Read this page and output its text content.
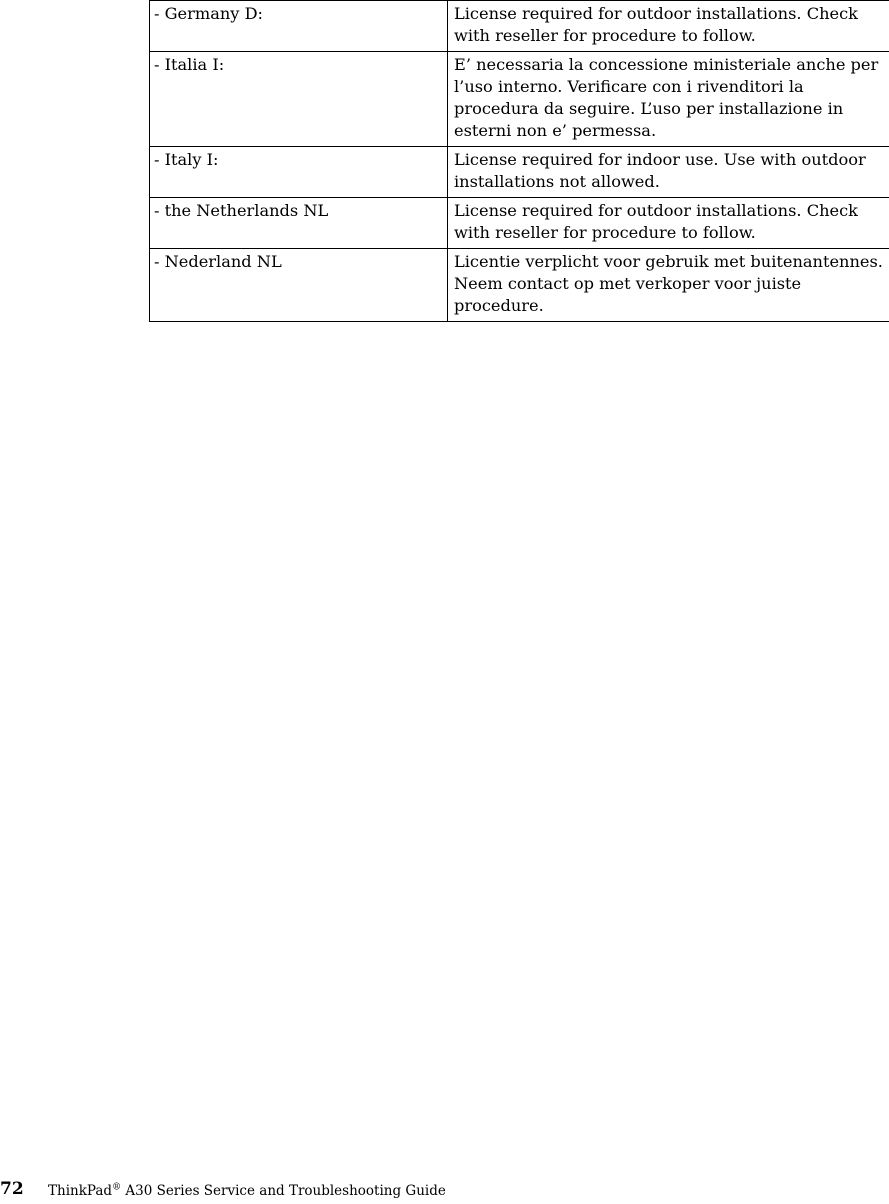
- Germany D:	License required for outdoor installations. Check with reseller for procedure to follow.
- Italia I:	E’ necessaria la concessione ministeriale anche per l’uso interno. Verificare con i rivenditori la procedura da seguire. L’uso per installazione in esterni non e’ permessa.
- Italy I:	License required for indoor use. Use with outdoor installations not allowed.
- the Netherlands NL	License required for outdoor installations. Check with reseller for procedure to follow.
- Nederland NL	Licentie verplicht voor gebruik met buitenantennes. Neem contact op met verkoper voor juiste procedure.
72 ThinkPad® A30 Series Service and Troubleshooting Guide
